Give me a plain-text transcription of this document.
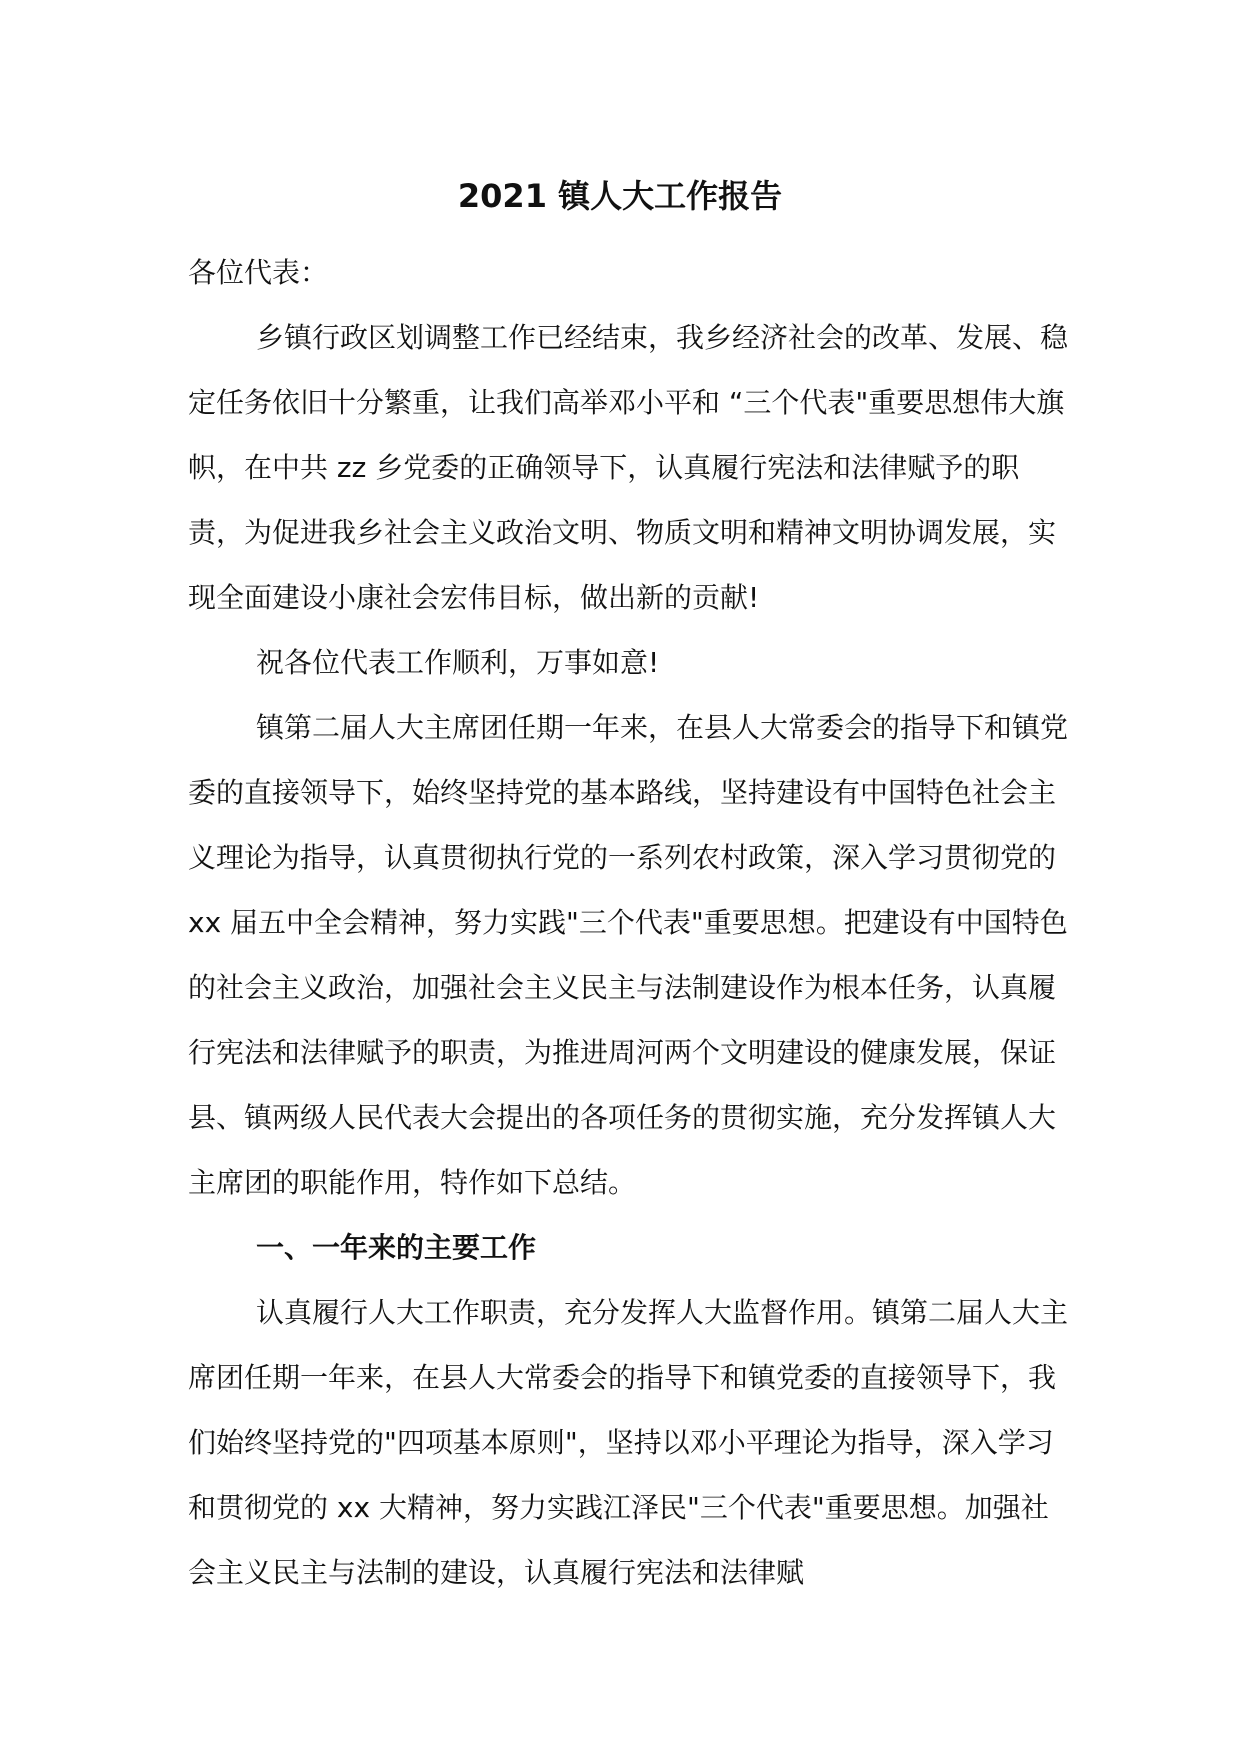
2021 镇人大工作报告

各位代表：

乡镇行政区划调整工作已经结束，我乡经济社会的改革、发展、稳定任务依旧十分繁重，让我们高举邓小平和 “三个代表"重要思想伟大旗帜，在中共 zz 乡党委的正确领导下，认真履行宪法和法律赋予的职责，为促进我乡社会主义政治文明、物质文明和精神文明协调发展，实现全面建设小康社会宏伟目标，做出新的贡献!

祝各位代表工作顺利，万事如意!

镇第二届人大主席团任期一年来，在县人大常委会的指导下和镇党委的直接领导下，始终坚持党的基本路线，坚持建设有中国特色社会主义理论为指导，认真贯彻执行党的一系列农村政策，深入学习贯彻党的 xx 届五中全会精神，努力实践"三个代表"重要思想。把建设有中国特色的社会主义政治，加强社会主义民主与法制建设作为根本任务，认真履行宪法和法律赋予的职责，为推进周河两个文明建设的健康发展，保证县、镇两级人民代表大会提出的各项任务的贯彻实施，充分发挥镇人大主席团的职能作用，特作如下总结。

一、一年来的主要工作

认真履行人大工作职责，充分发挥人大监督作用。镇第二届人大主席团任期一年来，在县人大常委会的指导下和镇党委的直接领导下，我们始终坚持党的"四项基本原则"，坚持以邓小平理论为指导，深入学习和贯彻党的 xx 大精神，努力实践江泽民"三个代表"重要思想。加强社会主义民主与法制的建设，认真履行宪法和法律赋
